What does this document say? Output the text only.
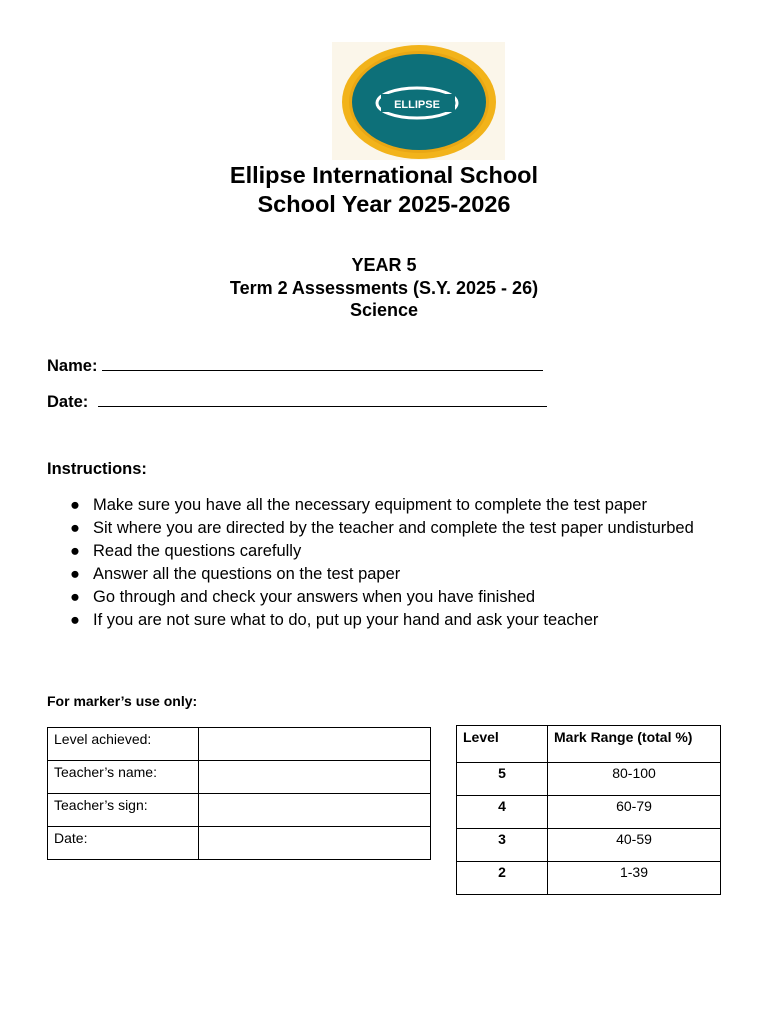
ELLIPSE
Ellipse International School
School Year 2025-2026
YEAR 5
Term 2 Assessments (S.Y. 2025 - 26)
Science
Name:
Date:
Instructions:
● Make sure you have all the necessary equipment to complete the test paper
● Sit where you are directed by the teacher and complete the test paper undisturbed
● Read the questions carefully
● Answer all the questions on the test paper
● Go through and check your answers when you have finished
● If you are not sure what to do, put up your hand and ask your teacher
For marker’s use only:
Level achieved:	
Teacher’s name:	
Teacher’s sign:	
Date:	
Level	Mark Range (total %)
5	80-100
4	60-79
3	40-59
2	1-39
